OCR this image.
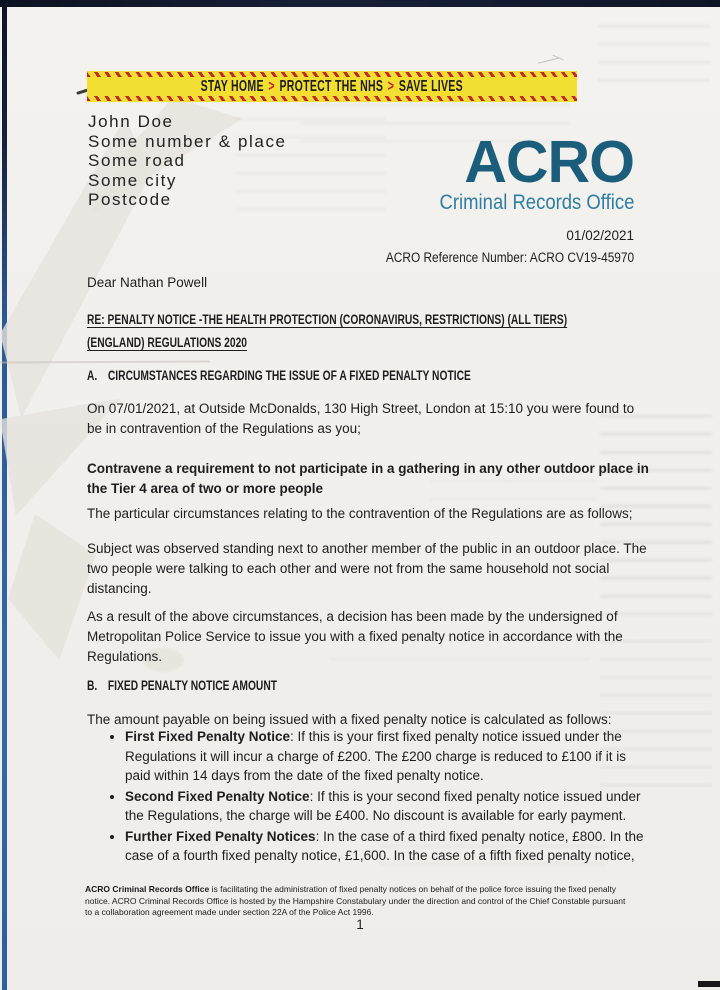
STAY HOME > PROTECT THE NHS > SAVE LIVES
John Doe
Some number & place
Some road
Some city
Postcode
ACRO
Criminal Records Office
01/02/2021
ACRO Reference Number: ACRO CV19-45970
Dear Nathan Powell
RE: PENALTY NOTICE -THE HEALTH PROTECTION (CORONAVIRUS, RESTRICTIONS) (ALL TIERS)
(ENGLAND) REGULATIONS 2020
A. CIRCUMSTANCES REGARDING THE ISSUE OF A FIXED PENALTY NOTICE
On 07/01/2021, at Outside McDonalds, 130 High Street, London at 15:10 you were found to be in contravention of the Regulations as you;
Contravene a requirement to not participate in a gathering in any other outdoor place in the Tier 4 area of two or more people
The particular circumstances relating to the contravention of the Regulations are as follows;
Subject was observed standing next to another member of the public in an outdoor place. The two people were talking to each other and were not from the same household not social distancing.
As a result of the above circumstances, a decision has been made by the undersigned of Metropolitan Police Service to issue you with a fixed penalty notice in accordance with the Regulations.
B. FIXED PENALTY NOTICE AMOUNT
The amount payable on being issued with a fixed penalty notice is calculated as follows:
• First Fixed Penalty Notice: If this is your first fixed penalty notice issued under the Regulations it will incur a charge of £200. The £200 charge is reduced to £100 if it is paid within 14 days from the date of the fixed penalty notice.
• Second Fixed Penalty Notice: If this is your second fixed penalty notice issued under the Regulations, the charge will be £400. No discount is available for early payment.
• Further Fixed Penalty Notices: In the case of a third fixed penalty notice, £800. In the case of a fourth fixed penalty notice, £1,600. In the case of a fifth fixed penalty notice,
ACRO Criminal Records Office is facilitating the administration of fixed penalty notices on behalf of the police force issuing the fixed penalty notice. ACRO Criminal Records Office is hosted by the Hampshire Constabulary under the direction and control of the Chief Constable pursuant to a collaboration agreement made under section 22A of the Police Act 1996.
1
